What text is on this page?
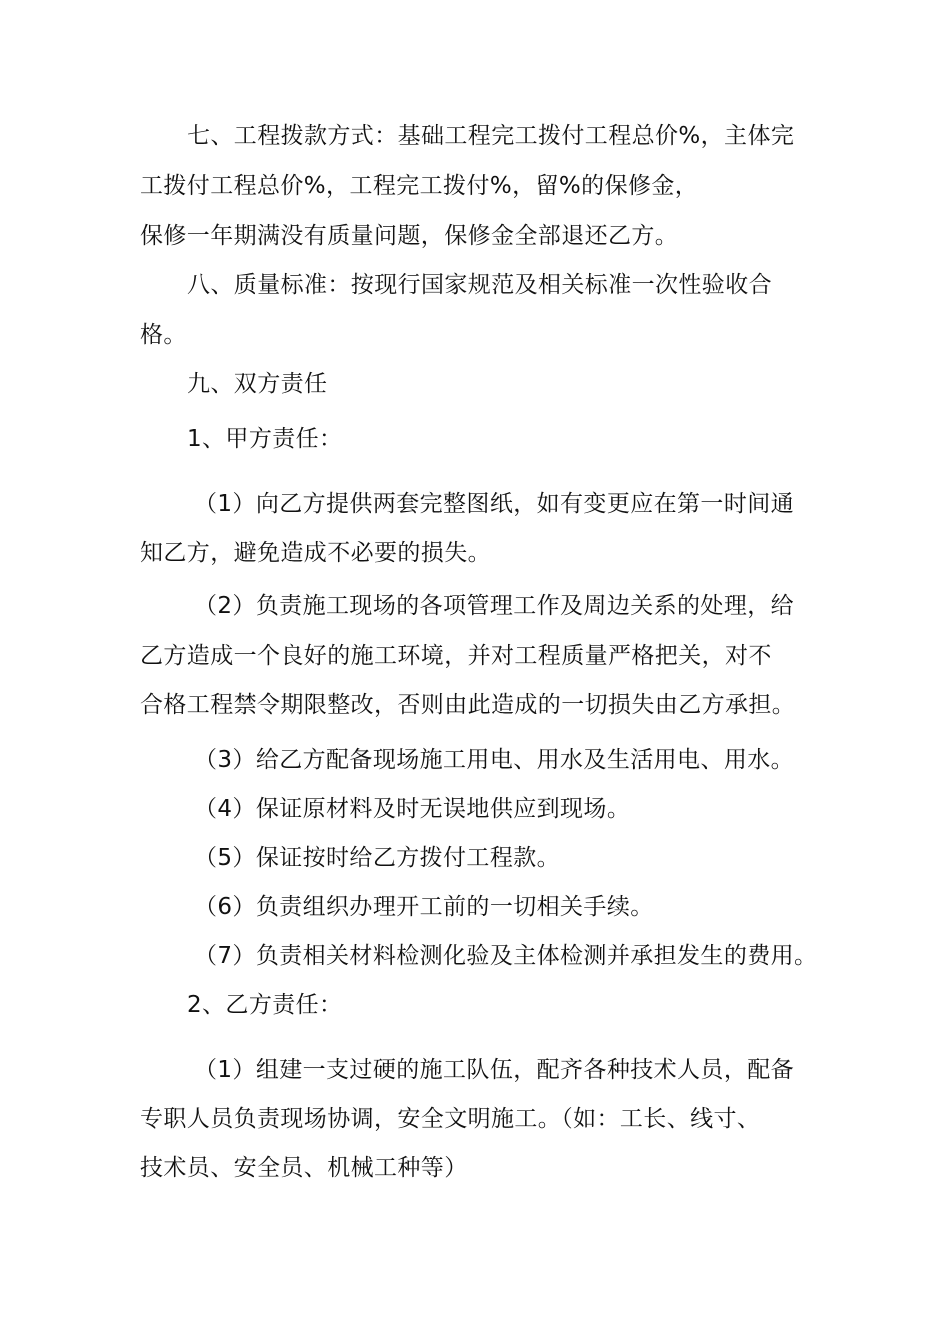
七、工程拨款方式：基础工程完工拨付工程总价%，主体完
工拨付工程总价%，工程完工拨付%，留%的保修金，
保修一年期满没有质量问题，保修金全部退还乙方。
八、质量标准：按现行国家规范及相关标准一次性验收合
格。
九、双方责任
1、甲方责任：
（1）向乙方提供两套完整图纸，如有变更应在第一时间通
知乙方，避免造成不必要的损失。
（2）负责施工现场的各项管理工作及周边关系的处理，给
乙方造成一个良好的施工环境，并对工程质量严格把关，对不
合格工程禁令期限整改，否则由此造成的一切损失由乙方承担。
（3）给乙方配备现场施工用电、用水及生活用电、用水。
（4）保证原材料及时无误地供应到现场。
（5）保证按时给乙方拨付工程款。
（6）负责组织办理开工前的一切相关手续。
（7）负责相关材料检测化验及主体检测并承担发生的费用。
2、乙方责任：
（1）组建一支过硬的施工队伍，配齐各种技术人员，配备
专职人员负责现场协调，安全文明施工。（如：工长、线寸、
技术员、安全员、机械工种等）
